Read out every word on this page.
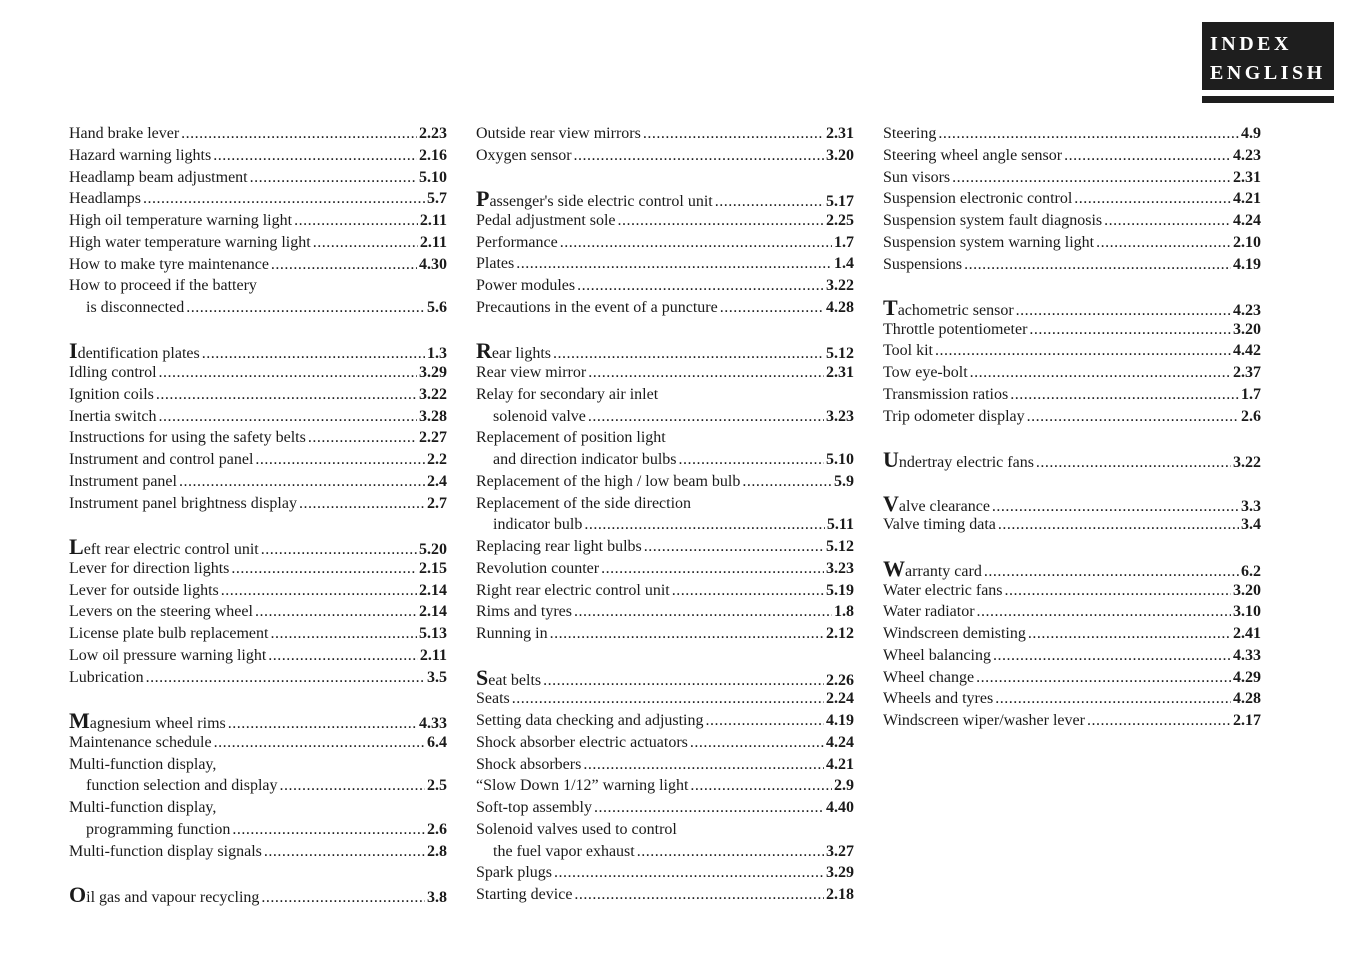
INDEX
ENGLISH
Hand brake lever .....	2.23
Hazard warning lights .....	2.16
Headlamp beam adjustment .....	5.10
Headlamps .....	5.7
High oil temperature warning light .....	2.11
High water temperature warning light .....	2.11
How to make tyre maintenance .....	4.30
How to proceed if the battery
is disconnected .....	5.6
Identification plates .....	1.3
Idling control .....	3.29
Ignition coils .....	3.22
Inertia switch .....	3.28
Instructions for using the safety belts .....	2.27
Instrument and control panel .....	2.2
Instrument panel .....	2.4
Instrument panel brightness display .....	2.7
Left rear electric control unit .....	5.20
Lever for direction lights .....	2.15
Lever for outside lights .....	2.14
Levers on the steering wheel .....	2.14
License plate bulb replacement .....	5.13
Low oil pressure warning light .....	2.11
Lubrication .....	3.5
Magnesium wheel rims .....	4.33
Maintenance schedule .....	6.4
Multi-function display,
function selection and display .....	2.5
Multi-function display,
programming function .....	2.6
Multi-function display signals .....	2.8
Oil gas and vapour recycling .....	3.8
Outside rear view mirrors .....	2.31
Oxygen sensor .....	3.20
Passenger's side electric control unit .....	5.17
Pedal adjustment sole .....	2.25
Performance .....	1.7
Plates .....	1.4
Power modules .....	3.22
Precautions in the event of a puncture .....	4.28
Rear lights .....	5.12
Rear view mirror .....	2.31
Relay for secondary air inlet
solenoid valve .....	3.23
Replacement of position light
and direction indicator bulbs .....	5.10
Replacement of the high / low beam bulb .....	5.9
Replacement of the side direction
indicator bulb .....	5.11
Replacing rear light bulbs .....	5.12
Revolution counter .....	3.23
Right rear electric control unit .....	5.19
Rims and tyres .....	1.8
Running in .....	2.12
Seat belts .....	2.26
Seats .....	2.24
Setting data checking and adjusting .....	4.19
Shock absorber electric actuators .....	4.24
Shock absorbers .....	4.21
“Slow Down 1/12” warning light .....	2.9
Soft-top assembly .....	4.40
Solenoid valves used to control
the fuel vapor exhaust .....	3.27
Spark plugs .....	3.29
Starting device .....	2.18
Steering .....	4.9
Steering wheel angle sensor .....	4.23
Sun visors .....	2.31
Suspension electronic control .....	4.21
Suspension system fault diagnosis .....	4.24
Suspension system warning light .....	2.10
Suspensions .....	4.19
Tachometric sensor .....	4.23
Throttle potentiometer .....	3.20
Tool kit .....	4.42
Tow eye-bolt .....	2.37
Transmission ratios .....	1.7
Trip odometer display .....	2.6
Undertray electric fans .....	3.22
Valve clearance .....	3.3
Valve timing data .....	3.4
Warranty card .....	6.2
Water electric fans .....	3.20
Water radiator .....	3.10
Windscreen demisting .....	2.41
Wheel balancing .....	4.33
Wheel change .....	4.29
Wheels and tyres .....	4.28
Windscreen wiper/washer lever .....	2.17
